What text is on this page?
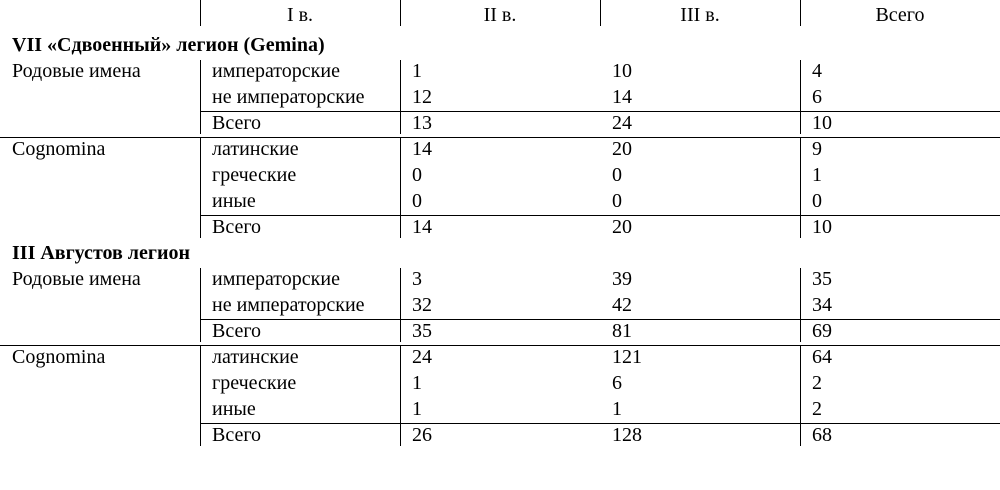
I в.	II в.	III в.	Всего
VII «Сдвоенный» легион (Gemina)
Родовые имена	императорские	1	10	4
не императорские 12	14	6
Всего	13	24	10
Cognomina	латинские	14	20	9
греческие	0	0	1
иные	0	0	0
Всего	14	20	10
III Августов легион
Родовые имена	императорские	3	39	35
не императорские 32	42	34
Всего	35	81	69
Cognomina	латинские	24	121	64
греческие	1	6	2
иные	1	1	2
Всего	26	128	68
